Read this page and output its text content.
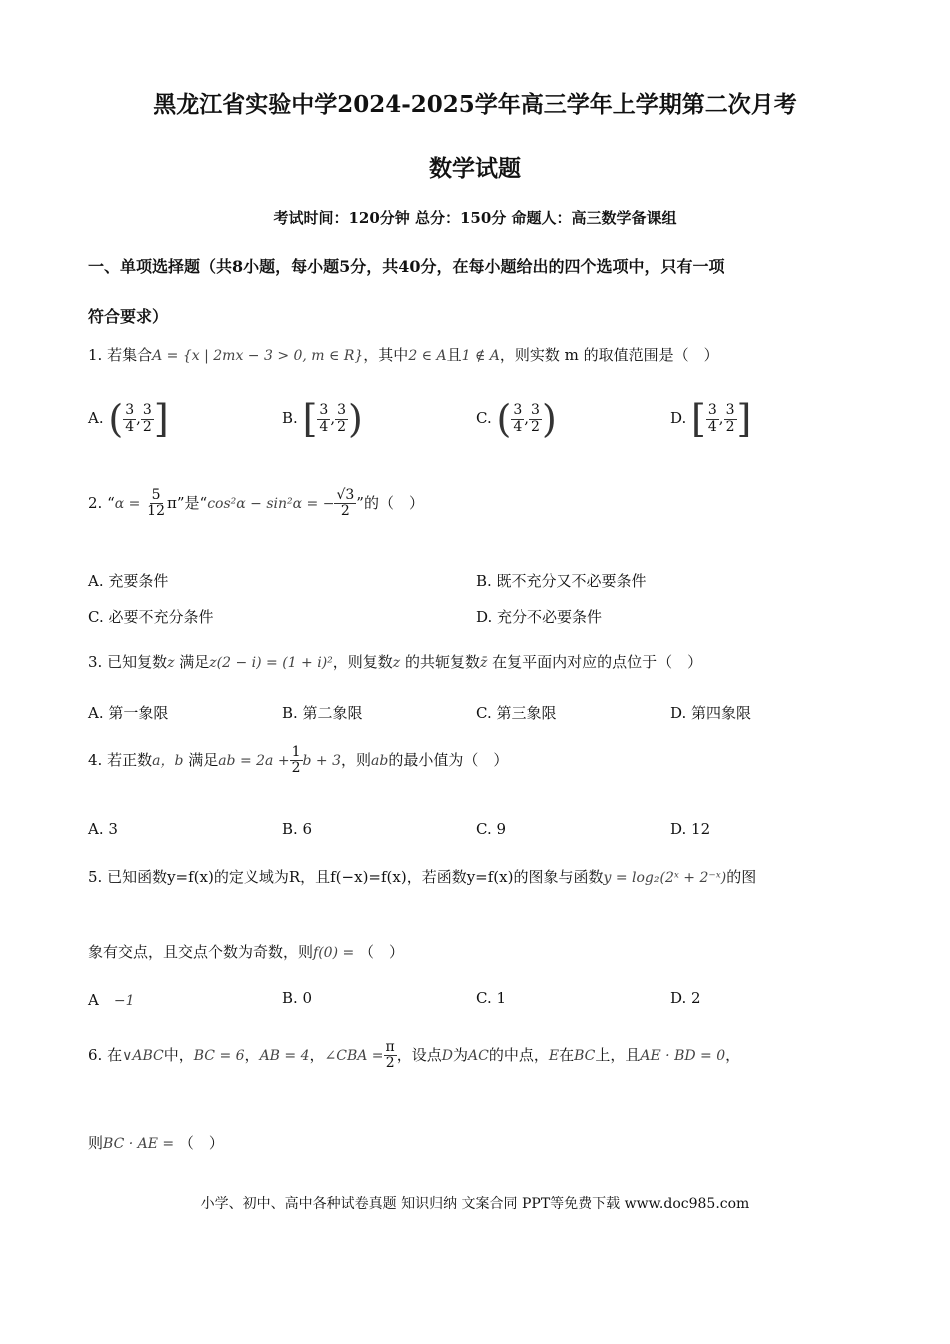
黑龙江省实验中学2024-2025学年高三学年上学期第二次月考
数学试题
考试时间：120分钟 总分：150分 命题人：高三数学备课组
一、单项选择题（共8小题，每小题5分，共40分，在每小题给出的四个选项中，只有一项
符合要求）
1. 若集合A = {x | 2mx − 3 > 0, m ∈ R}，其中2 ∈ A且1 ∉ A，则实数 m 的取值范围是（　）
A. ( $\frac{3}{4}$ , $\frac{3}{2}$ ]	B. [ $\frac{3}{4}$ , $\frac{3}{2}$ )	C. ( $\frac{3}{4}$ , $\frac{3}{2}$ )	D. [ $\frac{3}{4}$ , $\frac{3}{2}$ ]
2. “$\alpha = \frac{5}{12} \pi$”是“cos²α − sin²α = − $\frac{√3}{2}$ ”的（　）
A. 充要条件	B. 既不充分又不必要条件
C. 必要不充分条件	D. 充分不必要条件
3. 已知复数z 满足z(2 − i) = (1 + i)²，则复数z 的共轭复数z̄ 在复平面内对应的点位于（　）
A. 第一象限	B. 第二象限	C. 第三象限	D. 第四象限
4. 若正数a，b 满足ab = $2a + \frac{1}{2}$ b + 3，则ab的最小值为（　）
A. 3	B. 6	C. 9	D. 12
5. 已知函数y=f(x)的定义域为R，且f(−x)=f(x)，若函数y=f(x)的图象与函数y = log₂(2ˣ + 2⁻ˣ)的图
象有交点，且交点个数为奇数，则f(0) = （　）
A　 −1	B. 0	C. 1	D. 2
6. 在∨ABC中，BC = 6，AB = 4，∠CBA = $\frac{\pi}{2}$ ，设点D为AC的中点，E在BC上，且AE · BD = 0，
则BC · AE = （　）
小学、初中、高中各种试卷真题 知识归纳 文案合同 PPT等免费下载 www.doc985.com
